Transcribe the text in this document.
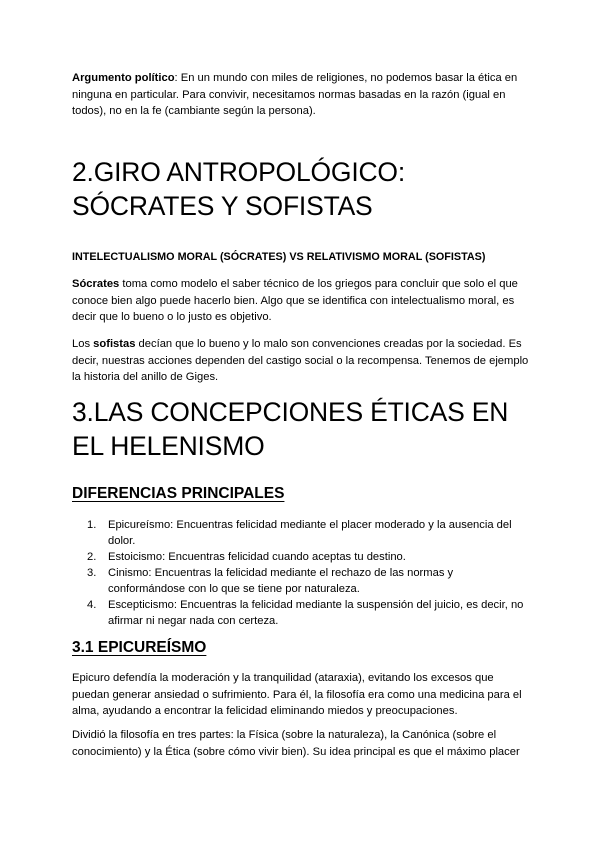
Argumento político: En un mundo con miles de religiones, no podemos basar la ética en ninguna en particular. Para convivir, necesitamos normas basadas en la razón (igual en todos), no en la fe (cambiante según la persona).

2.GIRO ANTROPOLÓGICO:
SÓCRATES Y SOFISTAS

INTELECTUALISMO MORAL (SÓCRATES) VS RELATIVISMO MORAL (SOFISTAS)

Sócrates toma como modelo el saber técnico de los griegos para concluir que solo el que conoce bien algo puede hacerlo bien. Algo que se identifica con intelectualismo moral, es decir que lo bueno o lo justo es objetivo.

Los sofistas decían que lo bueno y lo malo son convenciones creadas por la sociedad. Es decir, nuestras acciones dependen del castigo social o la recompensa. Tenemos de ejemplo la historia del anillo de Giges.

3.LAS CONCEPCIONES ÉTICAS EN
EL HELENISMO
DIFERENCIAS PRINCIPALES
1. Epicureísmo: Encuentras felicidad mediante el placer moderado y la ausencia del dolor.
2. Estoicismo: Encuentras felicidad cuando aceptas tu destino.
3. Cinismo: Encuentras la felicidad mediante el rechazo de las normas y conformándose con lo que se tiene por naturaleza.
4. Escepticismo: Encuentras la felicidad mediante la suspensión del juicio, es decir, no afirmar ni negar nada con certeza.
3.1 EPICUREÍSMO

Epicuro defendía la moderación y la tranquilidad (ataraxia), evitando los excesos que puedan generar ansiedad o sufrimiento. Para él, la filosofía era como una medicina para el alma, ayudando a encontrar la felicidad eliminando miedos y preocupaciones.

Dividió la filosofía en tres partes: la Física (sobre la naturaleza), la Canónica (sobre el conocimiento) y la Ética (sobre cómo vivir bien). Su idea principal es que el máximo placer
